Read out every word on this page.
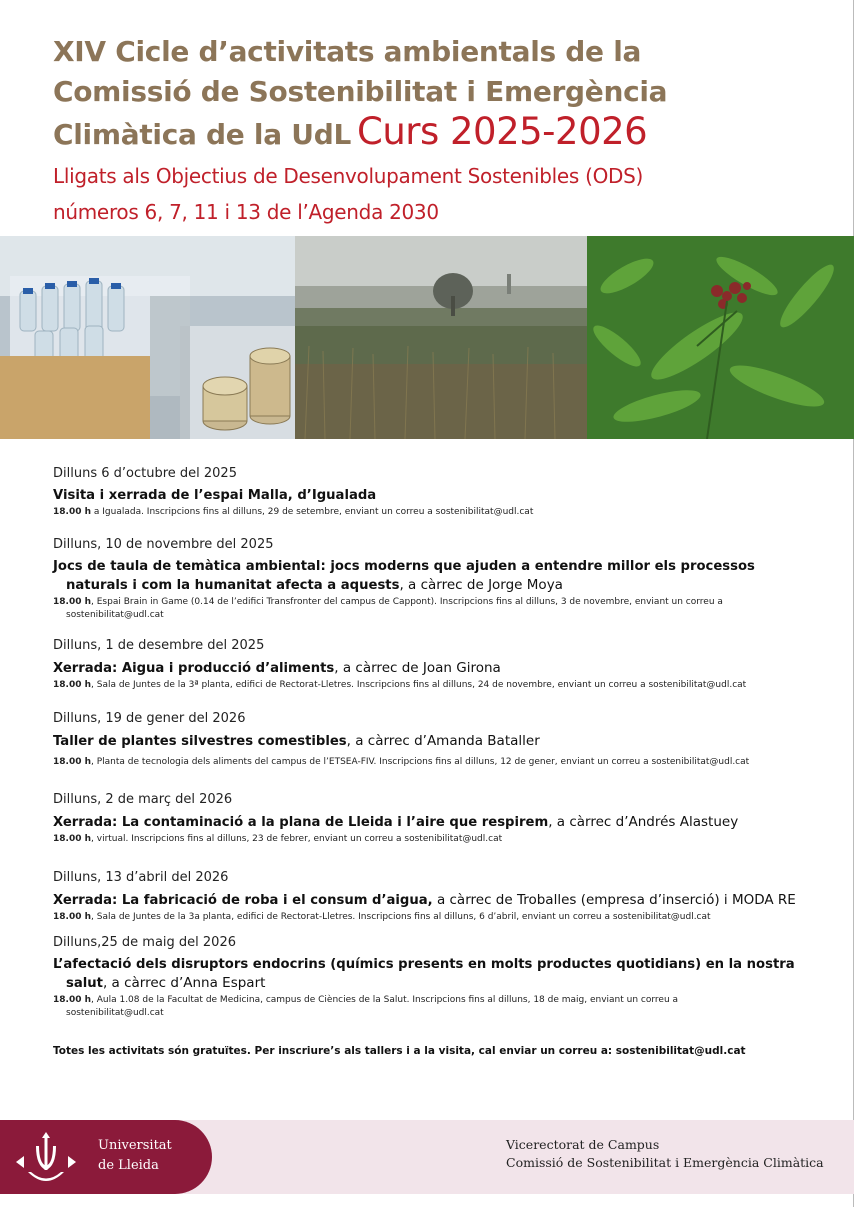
XIV Cicle d’activitats ambientals de la
Comissió de Sostenibilitat i Emergència
Climàtica de la UdL Curs 2025-2026
Lligats als Objectius de Desenvolupament Sostenibles (ODS)
números 6, 7, 11 i 13 de l’Agenda 2030
Dilluns 6 d’octubre del 2025
Visita i xerrada de l’espai Malla, d’Igualada
18.00 h a Igualada. Inscripcions fins al dilluns, 29 de setembre, enviant un correu a sostenibilitat@udl.cat
Dilluns, 10 de novembre del 2025
Jocs de taula de temàtica ambiental: jocs moderns que ajuden a entendre millor els processos
naturals i com la humanitat afecta a aquests, a càrrec de Jorge Moya
18.00 h, Espai Brain in Game (0.14 de l’edifici Transfronter del campus de Cappont). Inscripcions fins al dilluns, 3 de novembre, enviant un correu a
sostenibilitat@udl.cat
Dilluns, 1 de desembre del 2025
Xerrada: Aigua i producció d’aliments, a càrrec de Joan Girona
18.00 h, Sala de Juntes de la 3ª planta, edifici de Rectorat-Lletres. Inscripcions fins al dilluns, 24 de novembre, enviant un correu a sostenibilitat@udl.cat
Dilluns, 19 de gener del 2026
Taller de plantes silvestres comestibles, a càrrec d’Amanda Bataller
18.00 h, Planta de tecnologia dels aliments del campus de l’ETSEA-FIV. Inscripcions fins al dilluns, 12 de gener, enviant un correu a sostenibilitat@udl.cat
Dilluns, 2 de març del 2026
Xerrada: La contaminació a la plana de Lleida i l’aire que respirem, a càrrec d’Andrés Alastuey
18.00 h, virtual. Inscripcions fins al dilluns, 23 de febrer, enviant un correu a sostenibilitat@udl.cat
Dilluns, 13 d’abril del 2026
Xerrada: La fabricació de roba i el consum d’aigua, a càrrec de Troballes (empresa d’inserció) i MODA RE
18.00 h, Sala de Juntes de la 3a planta, edifici de Rectorat-Lletres. Inscripcions fins al dilluns, 6 d’abril, enviant un correu a sostenibilitat@udl.cat
Dilluns,25 de maig del 2026
L’afectació dels disruptors endocrins (químics presents en molts productes quotidians) en la nostra
salut, a càrrec d’Anna Espart
18.00 h, Aula 1.08 de la Facultat de Medicina, campus de Ciències de la Salut. Inscripcions fins al dilluns, 18 de maig, enviant un correu a
sostenibilitat@udl.cat
Totes les activitats són gratuïtes. Per inscriure’s als tallers i a la visita, cal enviar un correu a: sostenibilitat@udl.cat
Universitat
de Lleida
Vicerectorat de Campus
Comissió de Sostenibilitat i Emergència Climàtica
